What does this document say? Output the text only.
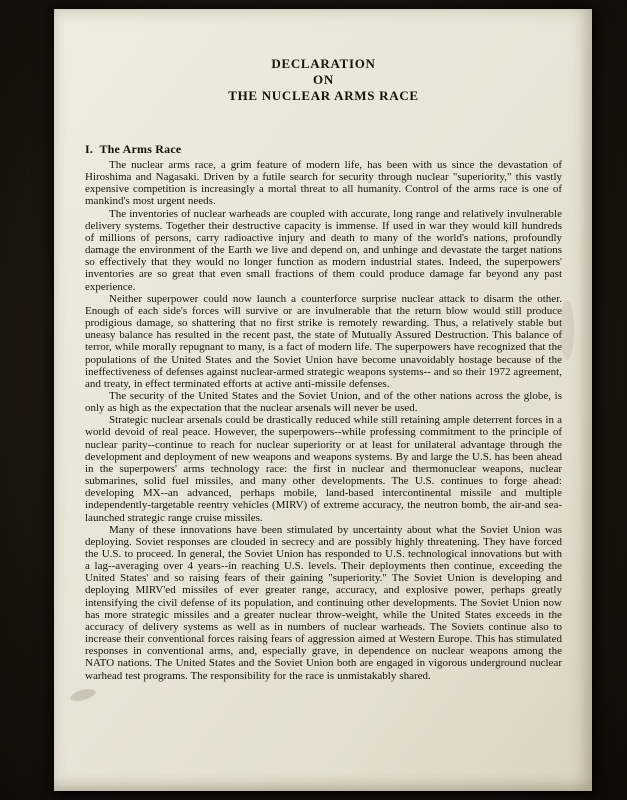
DECLARATION
ON
THE NUCLEAR ARMS RACE
I.  The Arms Race

The nuclear arms race, a grim feature of modern life, has been with us since the devastation of Hiroshima and Nagasaki. Driven by a futile search for security through nuclear "superiority," this vastly expensive competition is increasingly a mortal threat to all humanity. Control of the arms race is one of mankind's most urgent needs.

The inventories of nuclear warheads are coupled with accurate, long range and relatively invulnerable delivery systems. Together their destructive capacity is immense. If used in war they would kill hundreds of millions of persons, carry radioactive injury and death to many of the world's nations, profoundly damage the environment of the Earth we live and depend on, and unhinge and devastate the target nations so effectively that they would no longer function as modern industrial states. Indeed, the superpowers' inventories are so great that even small fractions of them could produce damage far beyond any past experience.

Neither superpower could now launch a counterforce surprise nuclear attack to disarm the other. Enough of each side's forces will survive or are invulnerable that the return blow would still produce prodigious damage, so shattering that no first strike is remotely rewarding. Thus, a relatively stable but uneasy balance has resulted in the recent past, the state of Mutually Assured Destruction. This balance of terror, while morally repugnant to many, is a fact of modern life. The superpowers have recognized that the populations of the United States and the Soviet Union have become unavoidably hostage because of the ineffectiveness of defenses against nuclear-armed strategic weapons systems-- and so their 1972 agreement, and treaty, in effect terminated efforts at active anti-missile defenses.

The security of the United States and the Soviet Union, and of the other nations across the globe, is only as high as the expectation that the nuclear arsenals will never be used.

Strategic nuclear arsenals could be drastically reduced while still retaining ample deterrent forces in a world devoid of real peace. However, the superpowers--while professing commitment to the principle of nuclear parity--continue to reach for nuclear superiority or at least for unilateral advantage through the development and deployment of new weapons and weapons systems. By and large the U.S. has been ahead in the superpowers' arms technology race: the first in nuclear and thermonuclear weapons, nuclear submarines, solid fuel missiles, and many other developments. The U.S. continues to forge ahead: developing MX--an advanced, perhaps mobile, land-based intercontinental missile and multiple independently-targetable reentry vehicles (MIRV) of extreme accuracy, the neutron bomb, the air-and sea-launched strategic range cruise missiles.

Many of these innovations have been stimulated by uncertainty about what the Soviet Union was deploying. Soviet responses are clouded in secrecy and are possibly highly threatening. They have forced the U.S. to proceed. In general, the Soviet Union has responded to U.S. technological innovations but with a lag--averaging over 4 years--in reaching U.S. levels. Their deployments then continue, exceeding the United States' and so raising fears of their gaining "superiority." The Soviet Union is developing and deploying MIRV'ed missiles of ever greater range, accuracy, and explosive power, perhaps greatly intensifying the civil defense of its population, and continuing other developments. The Soviet Union now has more strategic missiles and a greater nuclear throw-weight, while the United States exceeds in the accuracy of delivery systems as well as in numbers of nuclear warheads. The Soviets continue also to increase their conventional forces raising fears of aggression aimed at Western Europe. This has stimulated responses in conventional arms, and, especially grave, in dependence on nuclear weapons among the NATO nations. The United States and the Soviet Union both are engaged in vigorous underground nuclear warhead test programs. The responsibility for the race is unmistakably shared.
